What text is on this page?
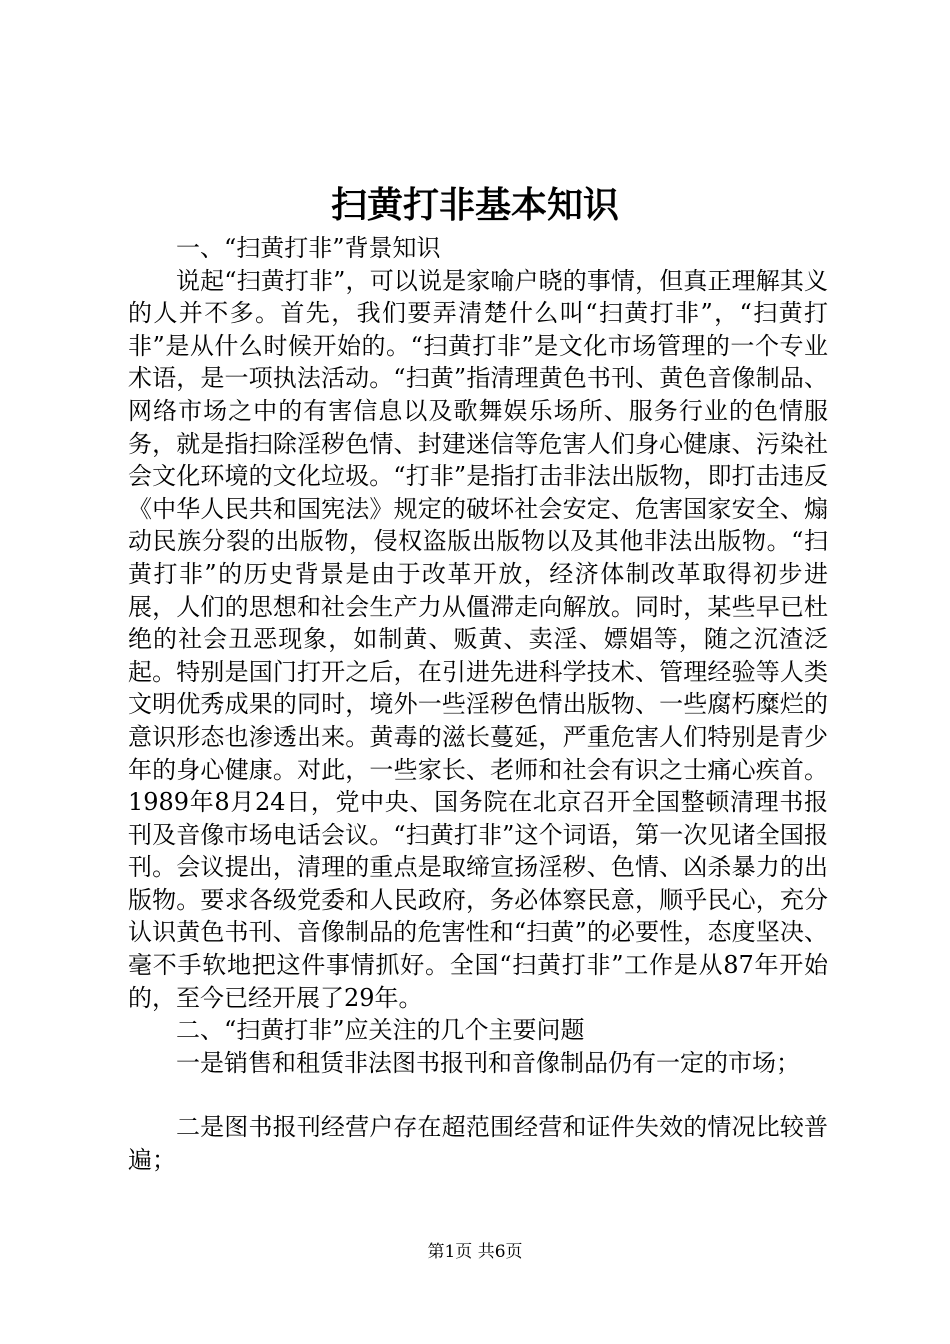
扫黄打非基本知识

一、“扫黄打非”背景知识

说起“扫黄打非”，可以说是家喻户晓的事情，但真正理解其义的人并不多。首先，我们要弄清楚什么叫“扫黄打非”，“扫黄打非”是从什么时候开始的。“扫黄打非”是文化市场管理的一个专业术语，是一项执法活动。“扫黄”指清理黄色书刊、黄色音像制品、网络市场之中的有害信息以及歌舞娱乐场所、服务行业的色情服务，就是指扫除淫秽色情、封建迷信等危害人们身心健康、污染社会文化环境的文化垃圾。“打非”是指打击非法出版物，即打击违反《中华人民共和国宪法》规定的破坏社会安定、危害国家安全、煽动民族分裂的出版物，侵权盗版出版物以及其他非法出版物。“扫黄打非”的历史背景是由于改革开放，经济体制改革取得初步进展，人们的思想和社会生产力从僵滞走向解放。同时，某些早已杜绝的社会丑恶现象，如制黄、贩黄、卖淫、嫖娼等，随之沉渣泛起。特别是国门打开之后，在引进先进科学技术、管理经验等人类文明优秀成果的同时，境外一些淫秽色情出版物、一些腐朽糜烂的意识形态也渗透出来。黄毒的滋长蔓延，严重危害人们特别是青少年的身心健康。对此，一些家长、老师和社会有识之士痛心疾首。1989年8月24日，党中央、国务院在北京召开全国整顿清理书报刊及音像市场电话会议。“扫黄打非”这个词语，第一次见诸全国报刊。会议提出，清理的重点是取缔宣扬淫秽、色情、凶杀暴力的出版物。要求各级党委和人民政府，务必体察民意，顺乎民心，充分认识黄色书刊、音像制品的危害性和“扫黄”的必要性，态度坚决、毫不手软地把这件事情抓好。全国“扫黄打非”工作是从87年开始的，至今已经开展了29年。

二、“扫黄打非”应关注的几个主要问题

一是销售和租赁非法图书报刊和音像制品仍有一定的市场；

二是图书报刊经营户存在超范围经营和证件失效的情况比较普遍；

第1页 共6页
